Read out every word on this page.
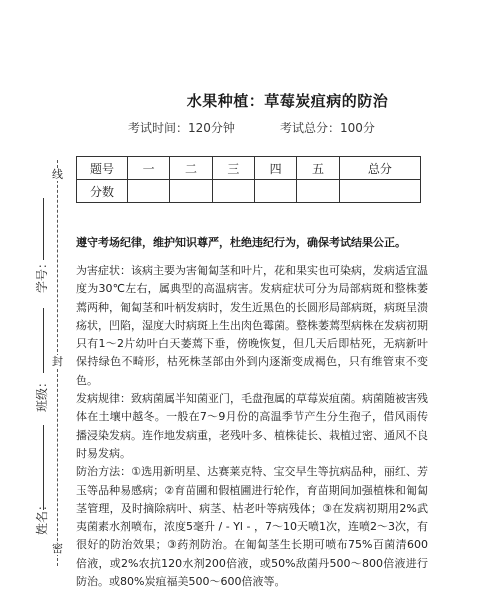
线
封
密
学号：
班级：
姓名：
水果种植：草莓炭疽病的防治
考试时间：120分钟	考试总分：100分
题号	一	二	三	四	五	总分
分数						
遵守考场纪律，维护知识尊严，杜绝违纪行为，确保考试结果公正。

为害症状：该病主要为害匍匐茎和叶片，花和果实也可染病，发病适宜温度为30℃左右，属典型的高温病害。发病症状可分为局部病斑和整株萎蔫两种，匍匐茎和叶柄发病时，发生近黑色的长圆形局部病斑，病斑呈溃疡状，凹陷，湿度大时病斑上生出肉色霉菌。整株萎蔫型病株在发病初期只有1～2片幼叶白天萎蔫下垂，傍晚恢复，但几天后即枯死，无病新叶保持绿色不畸形，枯死株茎部由外到内逐渐变成褐色，只有维管束不变色。

发病规律：致病菌属半知菌亚门，毛盘孢属的草莓炭疽菌。病菌随被害残体在土壤中越冬。一般在7～9月份的高温季节产生分生孢子，借风雨传播浸染发病。连作地发病重，老残叶多、植株徒长、栽植过密、通风不良时易发病。

防治方法：①选用新明星、达赛莱克特、宝交早生等抗病品种，丽红、芳玉等品种易感病；②育苗圃和假植圃进行轮作，育苗期间加强植株和匍匐茎管理，及时摘除病叶、病茎、枯老叶等病残体；③在发病初期用2%武夷菌素水剂喷布，浓度5毫升 / - Yl - ，7～10天喷1次，连喷2～3次，有很好的防治效果；③药剂防治。在匍匐茎生长期可喷布75%百菌清600倍液，或2%农抗120水剂200倍液，或50%敌菌丹500～800倍液进行防治。或80%炭疽福美500～600倍液等。
